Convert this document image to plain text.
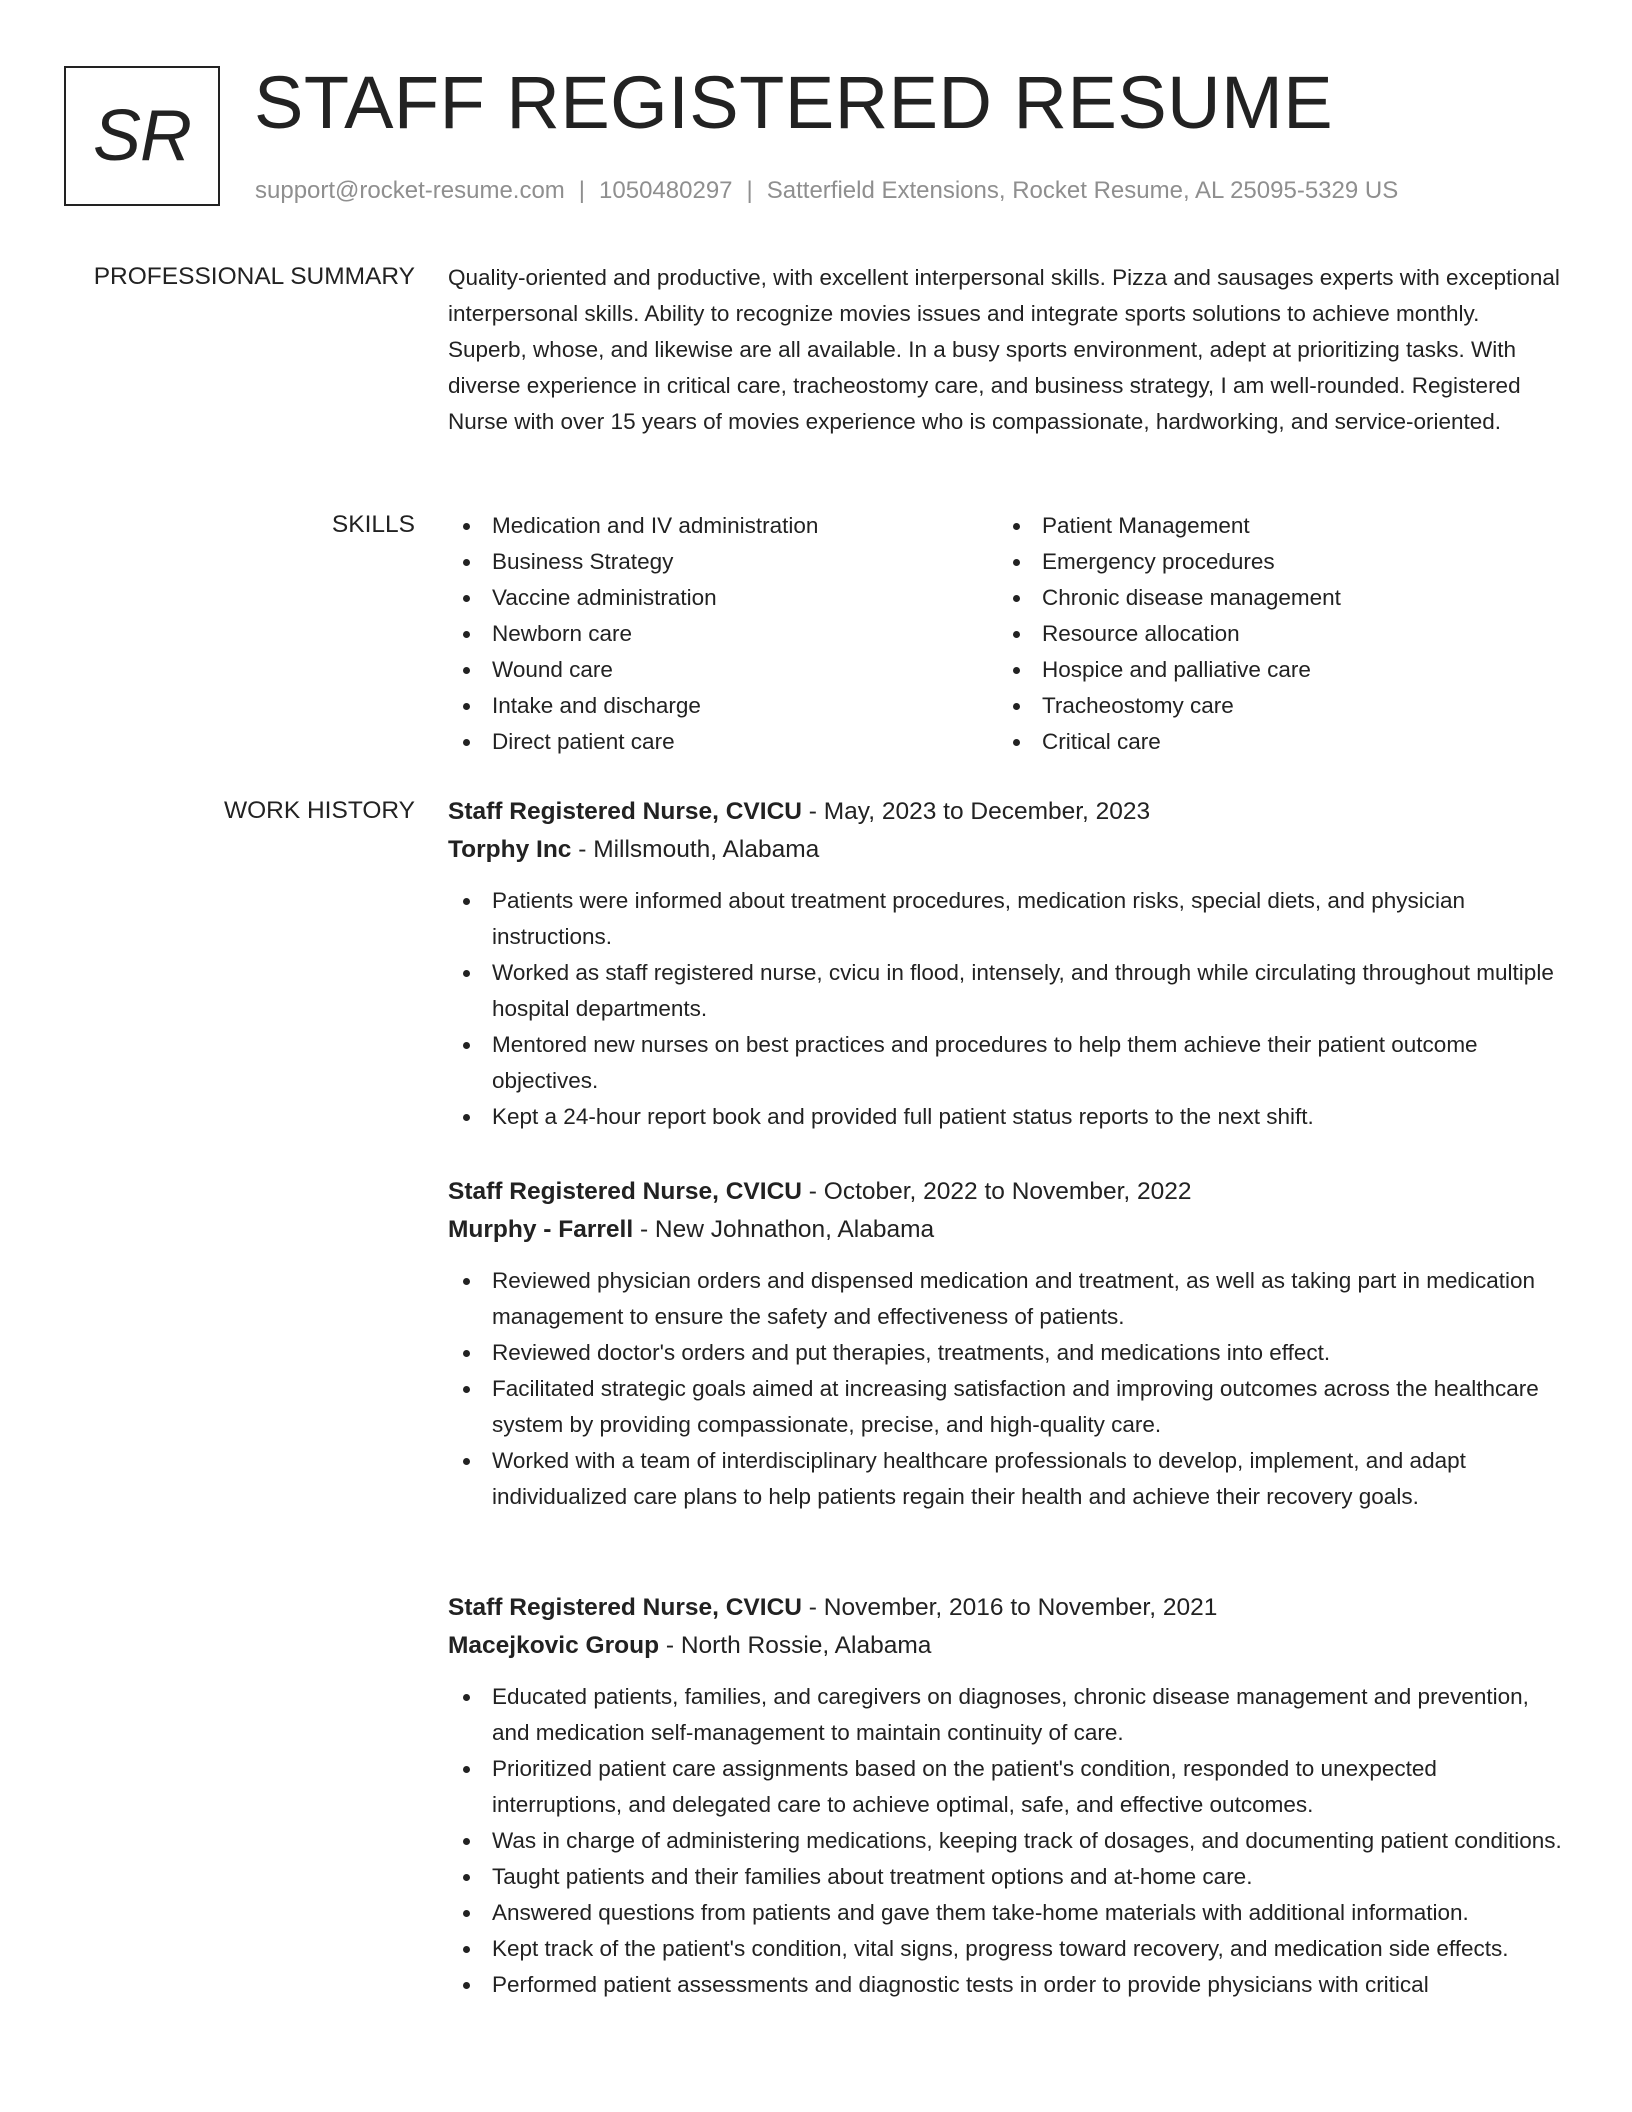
SR STAFF REGISTERED RESUME
support@rocket-resume.com | 1050480297 | Satterfield Extensions, Rocket Resume, AL 25095-5329 US
PROFESSIONAL SUMMARY Quality-oriented and productive, with excellent interpersonal skills. Pizza and sausages experts with exceptional interpersonal skills. Ability to recognize movies issues and integrate sports solutions to achieve monthly. Superb, whose, and likewise are all available. In a busy sports environment, adept at prioritizing tasks. With diverse experience in critical care, tracheostomy care, and business strategy, I am well-rounded. Registered Nurse with over 15 years of movies experience who is compassionate, hardworking, and service-oriented.

SKILLS	Medication and IV administration
Business Strategy
Vaccine administration
Newborn care
Wound care
Intake and discharge
Direct patient care
Patient Management
Emergency procedures
Chronic disease management
Resource allocation
Hospice and palliative care
Tracheostomy care
Critical care
WORK HISTORY Staff Registered Nurse, CVICU - May, 2023 to December, 2023

Torphy Inc - Millsmouth, Alabama

Patients were informed about treatment procedures, medication risks, special diets, and physician instructions.
Worked as staff registered nurse, cvicu in flood, intensely, and through while circulating throughout multiple hospital departments.
Mentored new nurses on best practices and procedures to help them achieve their patient outcome objectives.
Kept a 24-hour report book and provided full patient status reports to the next shift.

Staff Registered Nurse, CVICU - October, 2022 to November, 2022

Murphy - Farrell - New Johnathon, Alabama

Reviewed physician orders and dispensed medication and treatment, as well as taking part in medication management to ensure the safety and effectiveness of patients.
Reviewed doctor's orders and put therapies, treatments, and medications into effect.
Facilitated strategic goals aimed at increasing satisfaction and improving outcomes across the healthcare system by providing compassionate, precise, and high-quality care.
Worked with a team of interdisciplinary healthcare professionals to develop, implement, and adapt individualized care plans to help patients regain their health and achieve their recovery goals.

Staff Registered Nurse, CVICU - November, 2016 to November, 2021

Macejkovic Group - North Rossie, Alabama

Educated patients, families, and caregivers on diagnoses, chronic disease management and prevention, and medication self-management to maintain continuity of care.
Prioritized patient care assignments based on the patient's condition, responded to unexpected interruptions, and delegated care to achieve optimal, safe, and effective outcomes.
Was in charge of administering medications, keeping track of dosages, and documenting patient conditions.
Taught patients and their families about treatment options and at-home care.
Answered questions from patients and gave them take-home materials with additional information.
Kept track of the patient's condition, vital signs, progress toward recovery, and medication side effects.
Performed patient assessments and diagnostic tests in order to provide physicians with critical
